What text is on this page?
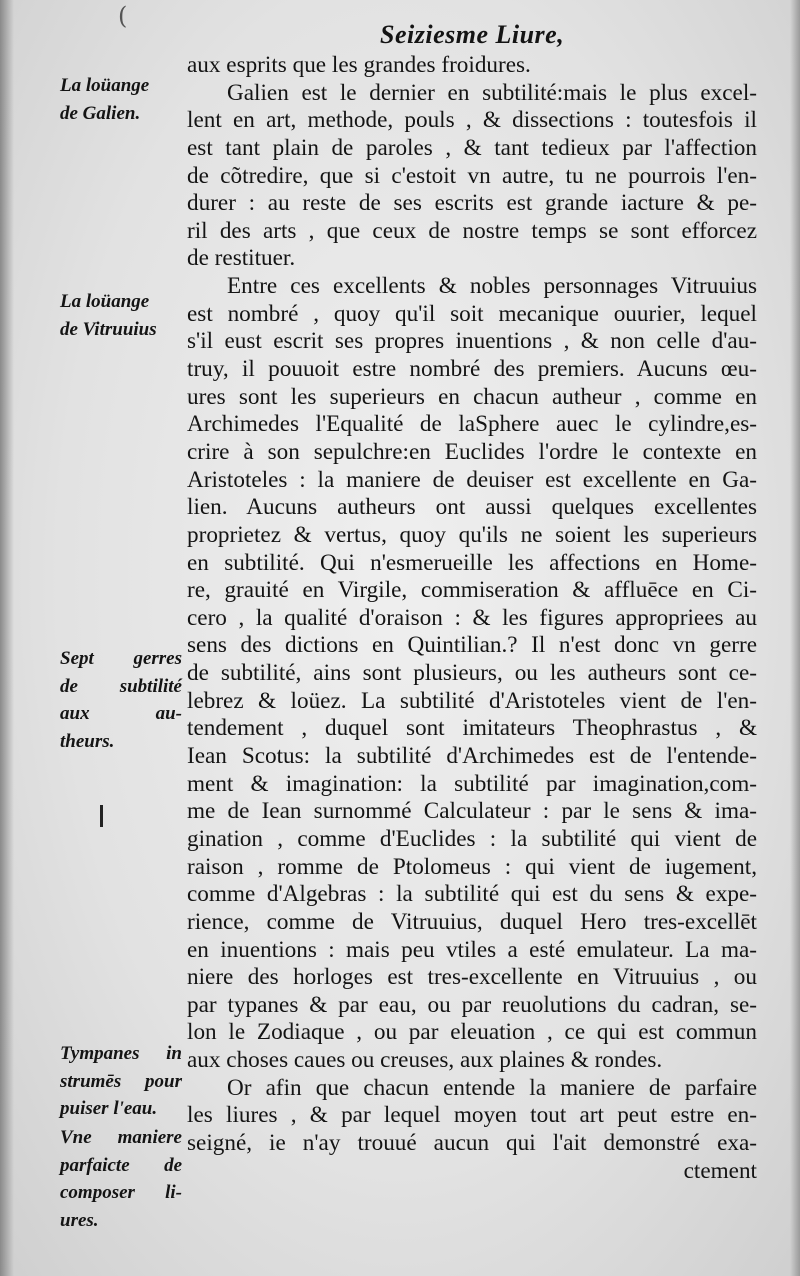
(
Seiziesme Liure,
aux esprits que les grandes froidures.
Galien est le dernier en subtilité:mais le plus excel-
lent en art, methode, pouls , & dissections : toutesfois il
est tant plain de paroles , & tant tedieux par l'affection
de cõtredire, que si c'estoit vn autre, tu ne pourrois l'en-
durer : au reste de ses escrits est grande iacture & pe-
ril des arts , que ceux de nostre temps se sont efforcez
de restituer.
Entre ces excellents & nobles personnages Vitruuius
est nombré , quoy qu'il soit mecanique ouurier, lequel
s'il eust escrit ses propres inuentions , & non celle d'au-
truy, il pouuoit estre nombré des premiers. Aucuns œu-
ures sont les superieurs en chacun autheur , comme en
Archimedes l'Equalité de laSphere auec le cylindre,es-
crire à son sepulchre:en Euclides l'ordre le contexte en
Aristoteles : la maniere de deuiser est excellente en Ga-
lien. Aucuns autheurs ont aussi quelques excellentes
proprietez & vertus, quoy qu'ils ne soient les superieurs
en subtilité. Qui n'esmerueille les affections en Home-
re, grauité en Virgile, commiseration & affluēce en Ci-
cero , la qualité d'oraison : & les figures appropriees au
sens des dictions en Quintilian.? Il n'est donc vn gerre
de subtilité, ains sont plusieurs, ou les autheurs sont ce-
lebrez & loüez. La subtilité d'Aristoteles vient de l'en-
tendement , duquel sont imitateurs Theophrastus , &
Iean Scotus: la subtilité d'Archimedes est de l'entende-
ment & imagination: la subtilité par imagination,com-
me de Iean surnommé Calculateur : par le sens & ima-
gination , comme d'Euclides : la subtilité qui vient de
raison , romme de Ptolomeus : qui vient de iugement,
comme d'Algebras : la subtilité qui est du sens & expe-
rience, comme de Vitruuius, duquel Hero tres-excellēt
en inuentions : mais peu vtiles a esté emulateur. La ma-
niere des horloges est tres-excellente en Vitruuius , ou
par typanes & par eau, ou par reuolutions du cadran, se-
lon le Zodiaque , ou par eleuation , ce qui est commun
aux choses caues ou creuses, aux plaines & rondes.
Or afin que chacun entende la maniere de parfaire
les liures , & par lequel moyen tout art peut estre en-
seigné, ie n'ay trouué aucun qui l'ait demonstré exa-
ctement
La loüange
de Galien.
La loüange
de Vitruuius
Sept gerres
de subtilité
aux au-
theurs.
Tympanes in
strumēs pour
puiser l'eau.
Vne maniere
parfaicte de
composer li-
ures.
